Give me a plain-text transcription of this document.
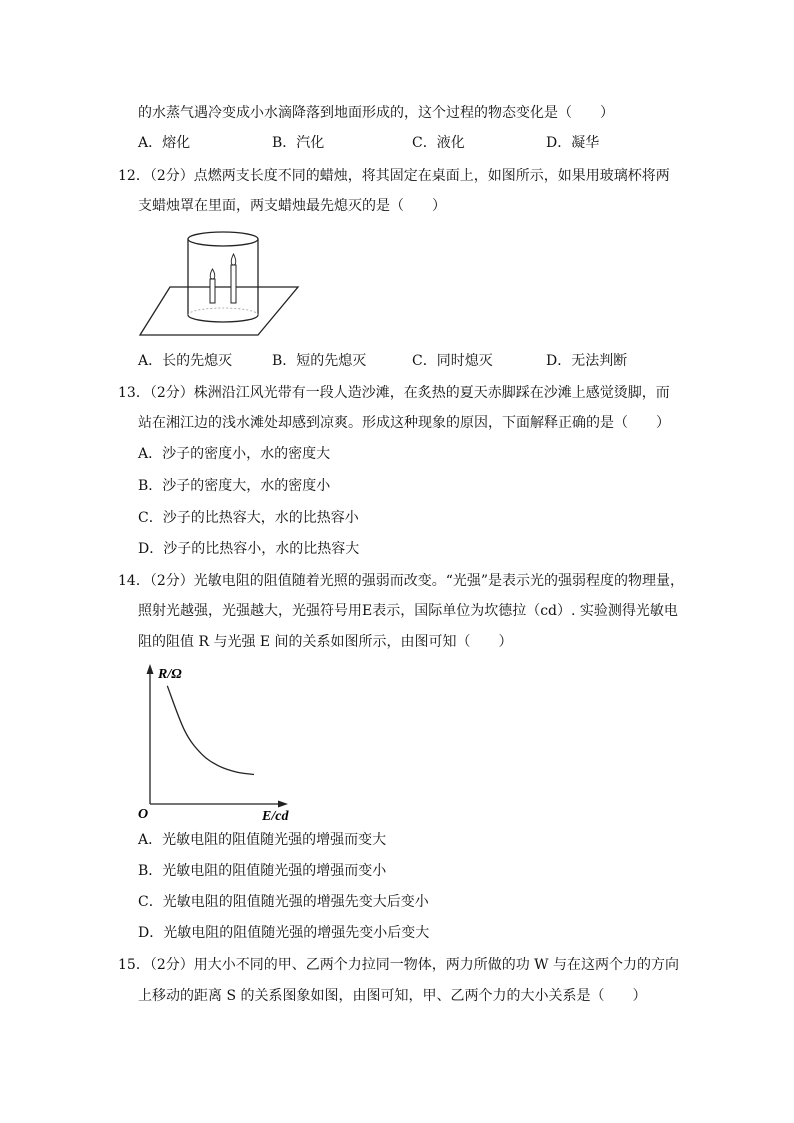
的水蒸气遇冷变成小水滴降落到地面形成的，这个过程的物态变化是（　　）
A．熔化	B．汽化	C．液化	D．凝华
12．（2分）点燃两支长度不同的蜡烛，将其固定在桌面上，如图所示，如果用玻璃杯将两
支蜡烛罩在里面，两支蜡烛最先熄灭的是（　　）
A．长的先熄灭	B．短的先熄灭	C．同时熄灭	D．无法判断
13．（2分）株洲沿江风光带有一段人造沙滩，在炙热的夏天赤脚踩在沙滩上感觉烫脚，而
站在湘江边的浅水滩处却感到凉爽。形成这种现象的原因，下面解释正确的是（　　）
A．沙子的密度小，水的密度大
B．沙子的密度大，水的密度小
C．沙子的比热容大，水的比热容小
D．沙子的比热容小，水的比热容大
14．（2分）光敏电阻的阻值随着光照的强弱而改变。“光强”是表示光的强弱程度的物理量，
照射光越强，光强越大，光强符号用E表示，国际单位为坎德拉（cd）. 实验测得光敏电
阻的阻值 R 与光强 E 间的关系如图所示，由图可知（　　）
R/Ω
E/cd
O
A．光敏电阻的阻值随光强的增强而变大
B．光敏电阻的阻值随光强的增强而变小
C．光敏电阻的阻值随光强的增强先变大后变小
D．光敏电阻的阻值随光强的增强先变小后变大
15．（2分）用大小不同的甲、乙两个力拉同一物体，两力所做的功 W 与在这两个力的方向
上移动的距离 S 的关系图象如图，由图可知，甲、乙两个力的大小关系是（　　）
